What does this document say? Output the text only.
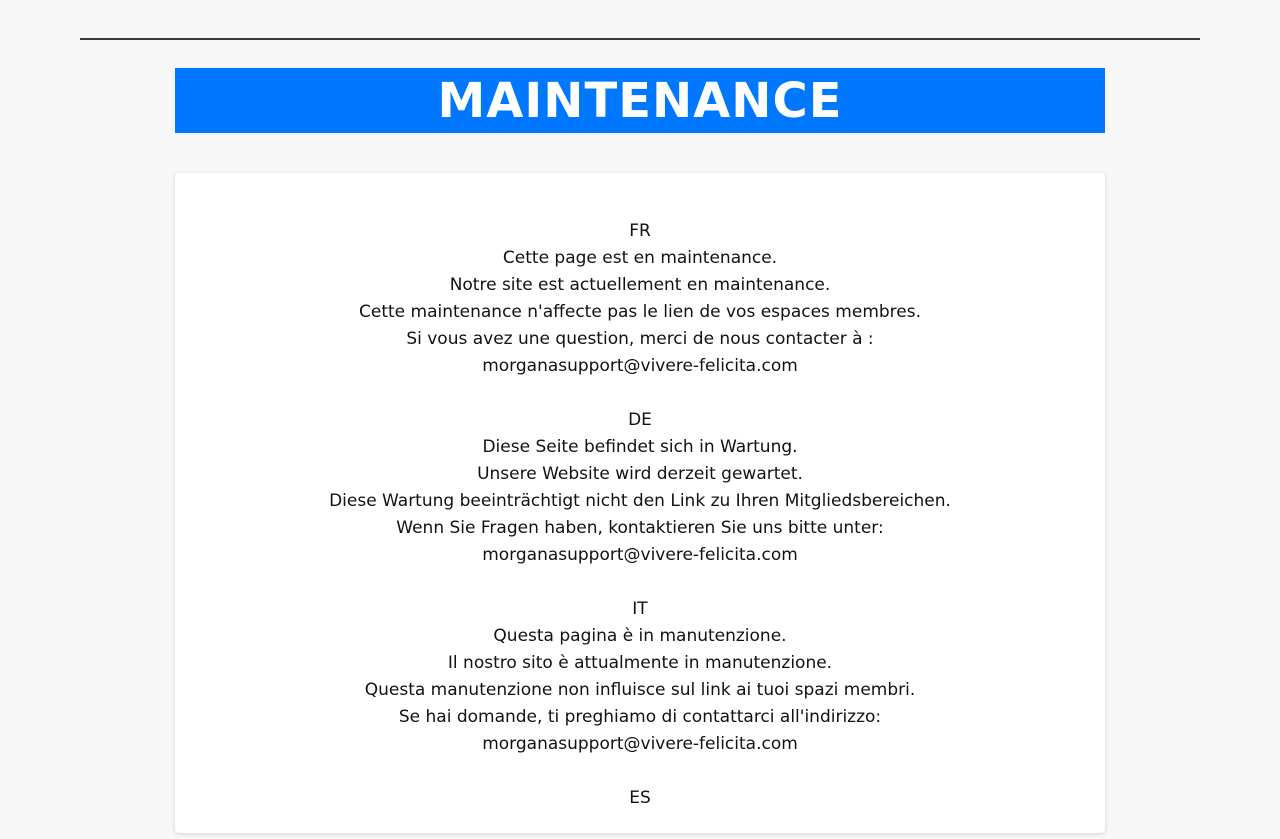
MAINTENANCE
FR
Cette page est en maintenance.
Notre site est actuellement en maintenance.
Cette maintenance n'affecte pas le lien de vos espaces membres.
Si vous avez une question, merci de nous contacter à :
morganasupport@vivere-felicita.com
DE
Diese Seite befindet sich in Wartung.
Unsere Website wird derzeit gewartet.
Diese Wartung beeinträchtigt nicht den Link zu Ihren Mitgliedsbereichen.
Wenn Sie Fragen haben, kontaktieren Sie uns bitte unter:
morganasupport@vivere-felicita.com
IT
Questa pagina è in manutenzione.
Il nostro sito è attualmente in manutenzione.
Questa manutenzione non influisce sul link ai tuoi spazi membri.
Se hai domande, ti preghiamo di contattarci all'indirizzo:
morganasupport@vivere-felicita.com
ES
